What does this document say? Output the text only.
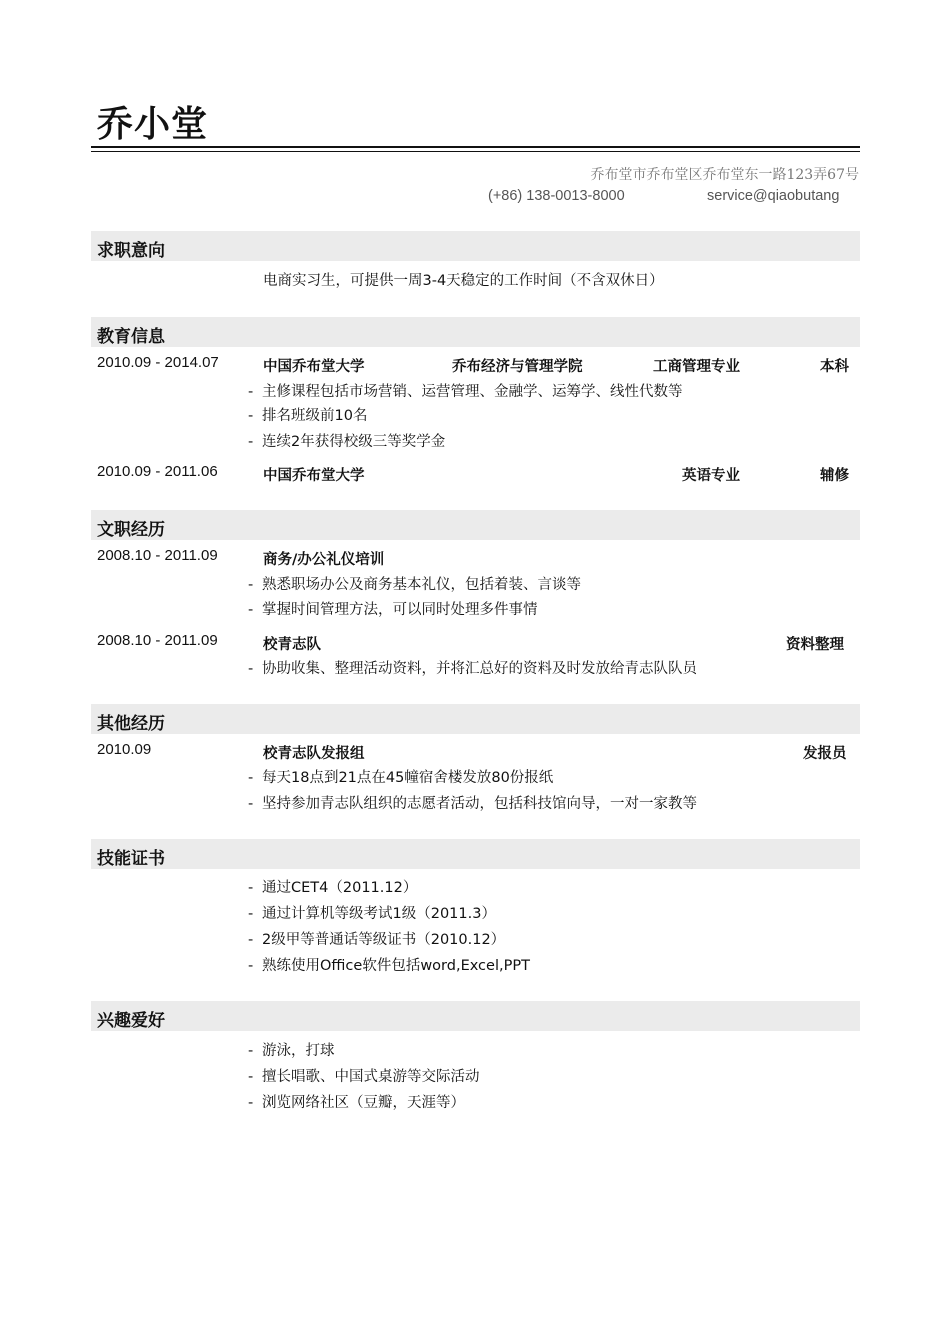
乔小堂
乔布堂市乔布堂区乔布堂东一路123弄67号
(+86) 138-0013-8000	service@qiaobutang
求职意向
电商实习生，可提供一周3-4天稳定的工作时间（不含双休日）
教育信息
2010.09 - 2014.07	中国乔布堂大学	乔布经济与管理学院	工商管理专业	本科
- 主修课程包括市场营销、运营管理、金融学、运筹学、线性代数等
- 排名班级前10名
- 连续2年获得校级三等奖学金
2010.09 - 2011.06	中国乔布堂大学	英语专业	辅修
文职经历
2008.10 - 2011.09	商务/办公礼仪培训
- 熟悉职场办公及商务基本礼仪，包括着装、言谈等
- 掌握时间管理方法，可以同时处理多件事情
2008.10 - 2011.09	校青志队	资料整理
- 协助收集、整理活动资料，并将汇总好的资料及时发放给青志队队员
其他经历
2010.09	校青志队发报组	发报员
- 每天18点到21点在45幢宿舍楼发放80份报纸
- 坚持参加青志队组织的志愿者活动，包括科技馆向导，一对一家教等
技能证书
- 通过CET4（2011.12）
- 通过计算机等级考试1级（2011.3）
- 2级甲等普通话等级证书（2010.12）
- 熟练使用Office软件包括word,Excel,PPT
兴趣爱好
- 游泳，打球
- 擅长唱歌、中国式桌游等交际活动
- 浏览网络社区（豆瓣，天涯等）
